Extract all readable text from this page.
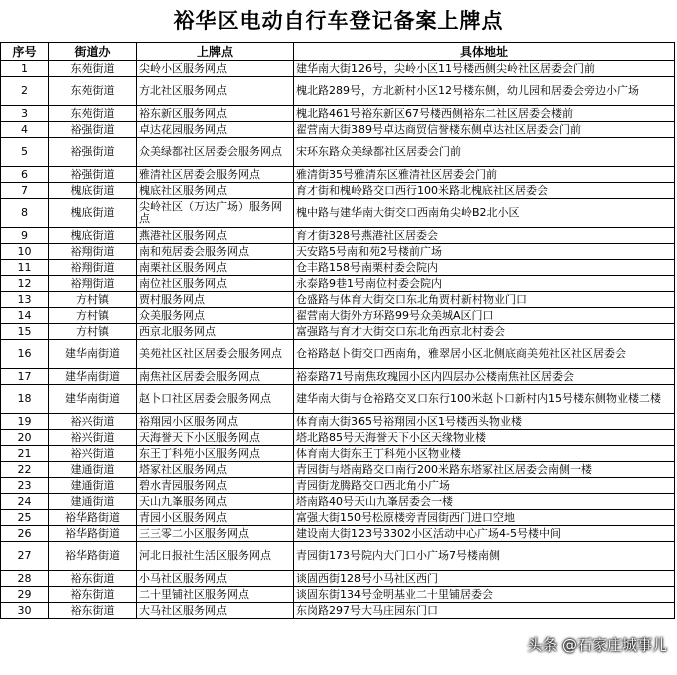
裕华区电动自行车登记备案上牌点
序号	街道办	上牌点	具体地址
1	东苑街道	尖岭小区服务网点	建华南大街126号，尖岭小区11号楼西侧尖岭社区居委会门前
2	东苑街道	方北社区服务网点	槐北路289号，方北新村小区12号楼东侧，幼儿园和居委会旁边小广场
3	东苑街道	裕东新区服务网点	槐北路461号裕东新区67号楼西侧裕东二社区居委会楼前
4	裕强街道	卓达花园服务网点	翟营南大街389号卓达商贸信誉楼东侧卓达社区居委会门前
5	裕强街道	众美绿都社区居委会服务网点	宋环东路众美绿都社区居委会门前
6	裕强街道	雅清社区居委会服务网点	雅清街35号雅清东区雅清社区居委会门前
7	槐底街道	槐底社区服务网点	育才街和槐岭路交口西行100米路北槐底社区居委会
8	槐底街道	尖岭社区（万达广场）服务网点	槐中路与建华南大街交口西南角尖岭B2北小区
9	槐底街道	燕港社区服务网点	育才街328号燕港社区居委会
10	裕翔街道	南和苑居委会服务网点	天安路5号南和苑2号楼前广场
11	裕翔街道	南栗社区服务网点	仓丰路158号南栗村委会院内
12	裕翔街道	南位社区服务网点	永泰路9巷1号南位村委会院内
13	方村镇	贾村服务网点	仓盛路与体育大街交口东北角贾村新村物业门口
14	方村镇	众美服务网点	翟营南大街外方环路99号众美城A区门口
15	方村镇	西京北服务网点	富强路与育才大街交口东北角西京北村委会
16	建华南街道	美苑社区社区居委会服务网点	仓裕路赵卜街交口西南角，雅翠居小区北侧底商美苑社区社区居委会
17	建华南街道	南焦社区居委会服务网点	裕泰路71号南焦玫瑰园小区内四层办公楼南焦社区居委会
18	建华南街道	赵卜口社区居委会服务网点	建华南大街与仓裕路交叉口东行100米赵卜口新村内15号楼东侧物业楼二楼
19	裕兴街道	裕翔园小区服务网点	体育南大街365号裕翔园小区1号楼西头物业楼
20	裕兴街道	天海誉天下小区服务网点	塔北路85号天海誉天下小区天缘物业楼
21	裕兴街道	东王丁科苑小区服务网点	体育南大街东王丁科苑小区物业楼
22	建通街道	塔冢社区服务网点	青园街与塔南路交口南行200米路东塔冢社区居委会南侧一楼
23	建通街道	碧水青园服务网点	青园街龙腾路交口西北角小广场
24	建通街道	天山九峯服务网点	塔南路40号天山九峯居委会一楼
25	裕华路街道	青园小区服务网点	富强大街150号松原楼旁青园街西门进口空地
26	裕华路街道	三三零二小区服务网点	建设南大街123号3302小区活动中心广场4-5号楼中间
27	裕华路街道	河北日报社生活区服务网点	青园街173号院内大门口小广场7号楼南侧
28	裕东街道	小马社区服务网点	谈固西街128号小马社区西门
29	裕东街道	二十里铺社区服务网点	谈固东街134号金明基业二十里铺居委会
30	裕东街道	大马社区服务网点	东岗路297号大马庄园东门口
头条 @石家庄城事儿
